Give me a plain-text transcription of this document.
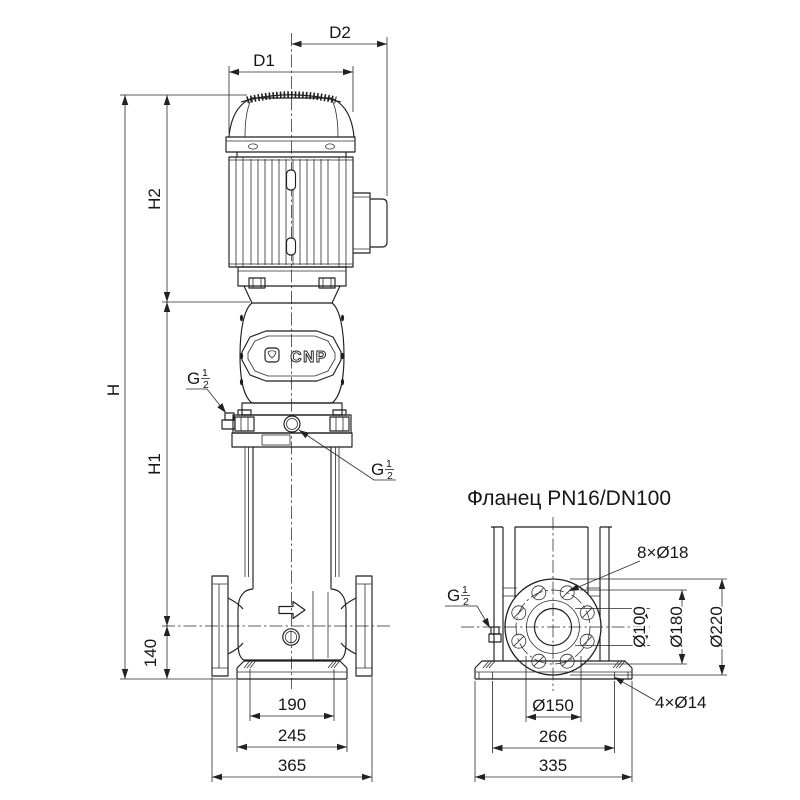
CNP
D2
D1
H
H2
H1
140
190
245
365
G 1
2
G 1
2
Фланец PN16/DN100
Ø100 Ø180 Ø220
Ø150
266
335
8×Ø18
4×Ø14
G 1
2
